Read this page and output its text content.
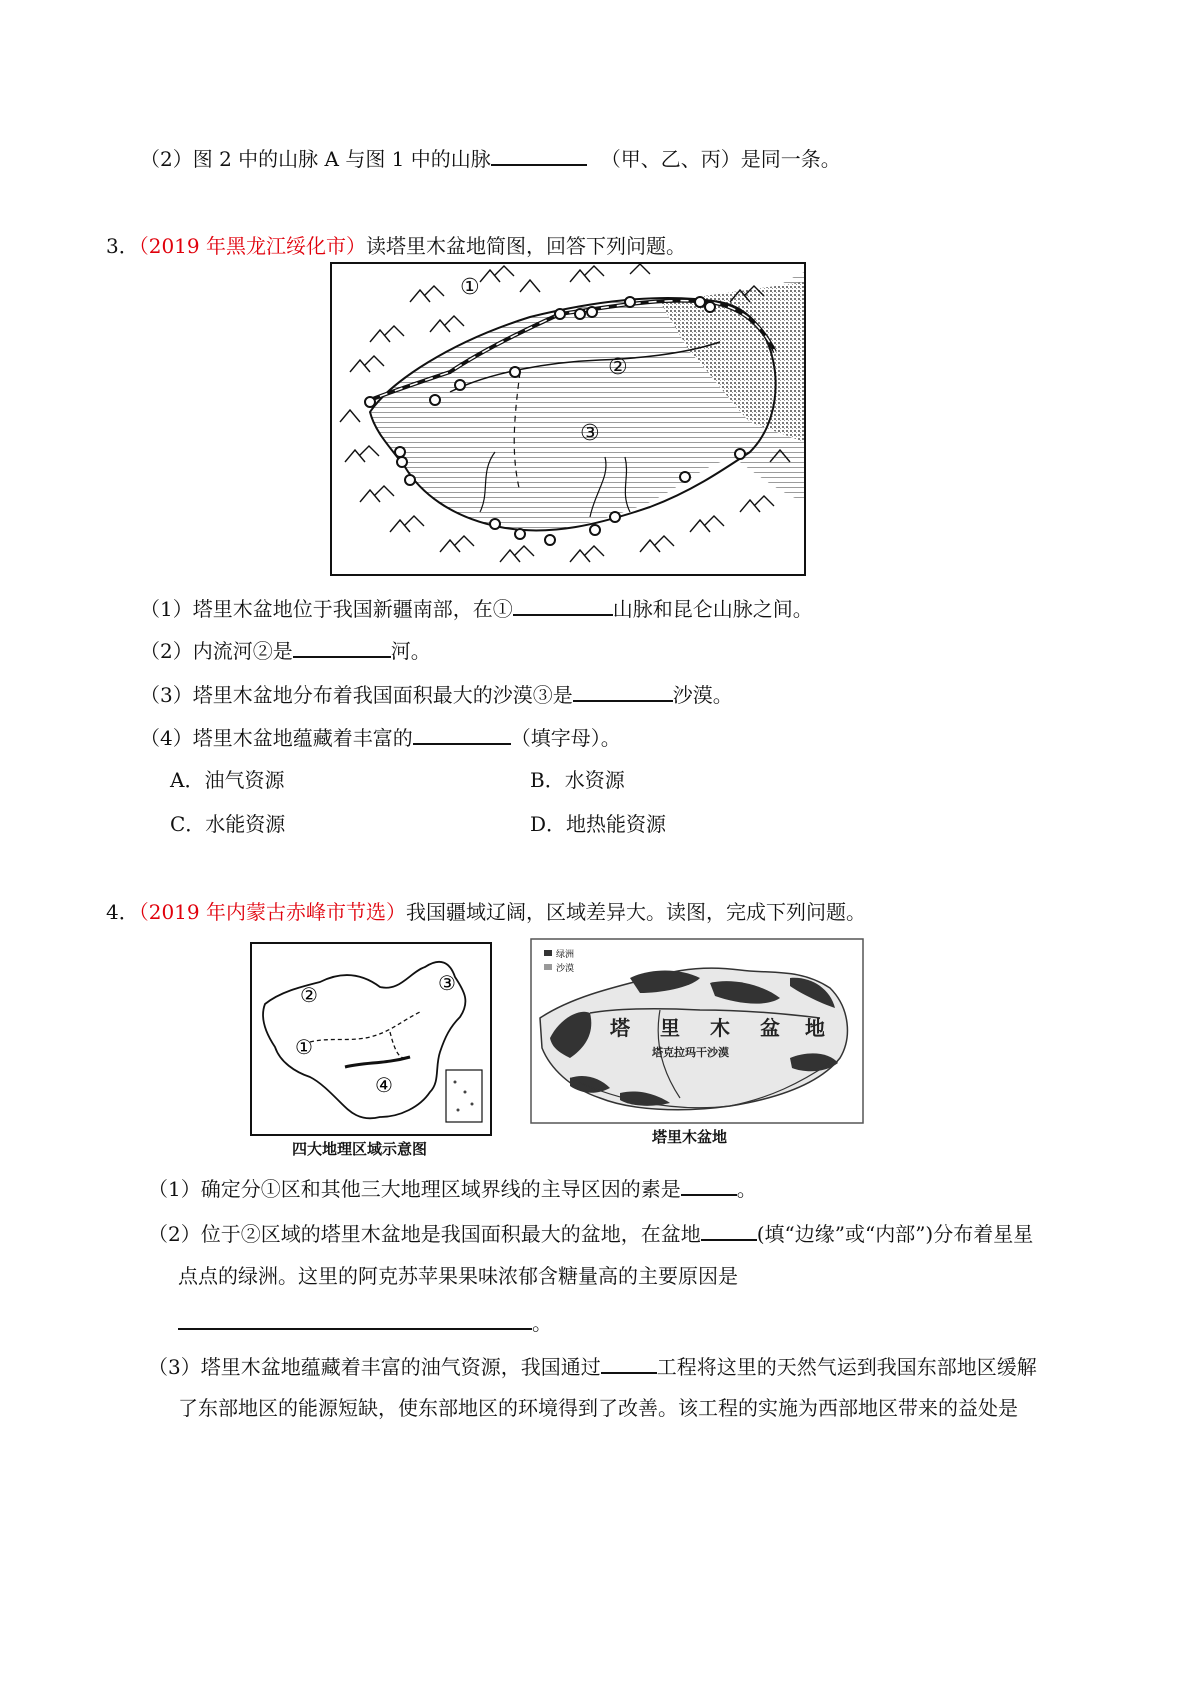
（2）图 2 中的山脉 A 与图 1 中的山脉	（甲、乙、丙）是同一条。
3．（2019 年黑龙江绥化市）读塔里木盆地简图，回答下列问题。
①
②
③
（1）塔里木盆地位于我国新疆南部，在①	山脉和昆仑山脉之间。
（2）内流河②是	河。
（3）塔里木盆地分布着我国面积最大的沙漠③是	沙漠。
（4）塔里木盆地蕴藏着丰富的	（填字母）。
A．油气资源	B．水资源
C．水能资源	D．地热能资源
4．（2019 年内蒙古赤峰市节选）我国疆域辽阔，区域差异大。读图，完成下列问题。
②	③
①
④
四大地理区域示意图
绿洲
沙漠
塔 里 木 盆 地
塔克拉玛干沙漠
塔里木盆地
（1）确定分①区和其他三大地理区域界线的主导区因的素是	。
（2）位于②区域的塔里木盆地是我国面积最大的盆地，在盆地	(填“边缘”或“内部”)分布着星星
点点的绿洲。这里的阿克苏苹果果味浓郁含糖量高的主要原因是
。
（3）塔里木盆地蕴藏着丰富的油气资源，我国通过	工程将这里的天然气运到我国东部地区缓解
了东部地区的能源短缺，使东部地区的环境得到了改善。该工程的实施为西部地区带来的益处是
